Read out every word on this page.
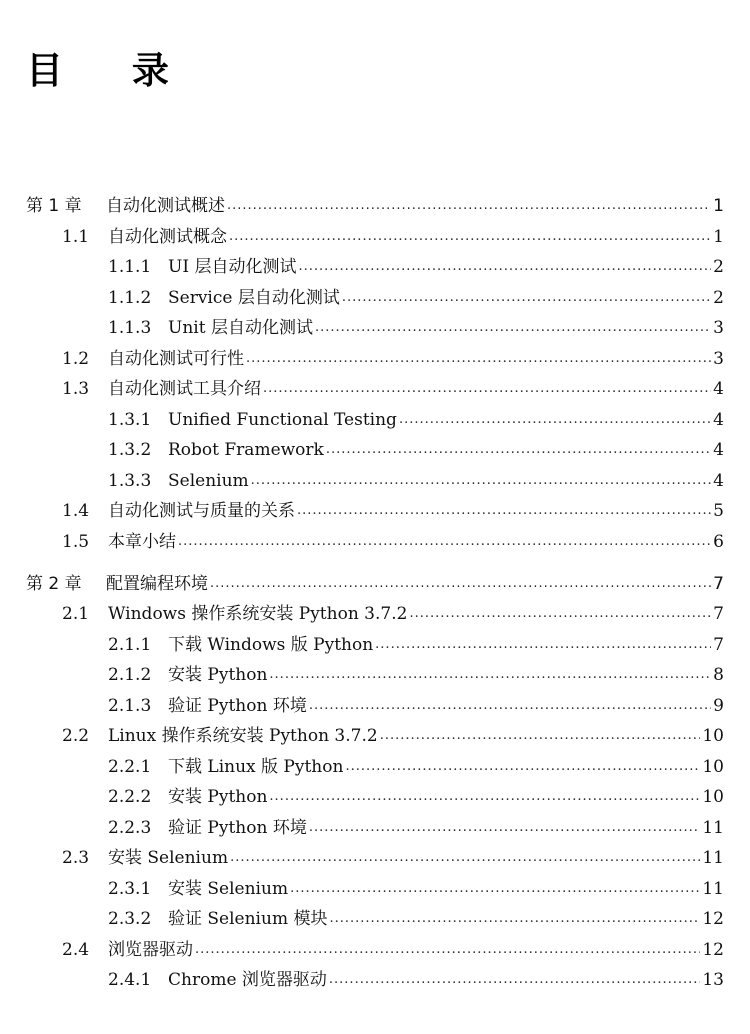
目 录
第 1 章	自动化测试概述 .....	1
1.1	自动化测试概念 .....	1
1.1.1 UI 层自动化测试 .....	2
1.1.2 Service 层自动化测试 .....	2
1.1.3 Unit 层自动化测试 .....	3
1.2	自动化测试可行性 .....	3
1.3	自动化测试工具介绍 .....	4
1.3.1 Unified Functional Testing .....	4
1.3.2 Robot Framework .....	4
1.3.3 Selenium .....	4
1.4	自动化测试与质量的关系 .....	5
1.5	本章小结 .....	6
第 2 章	配置编程环境 .....	7
2.1	Windows 操作系统安装 Python 3.7.2 .....	7
2.1.1 下载 Windows 版 Python .....	7
2.1.2 安装 Python .....	8
2.1.3 验证 Python 环境 .....	9
2.2	Linux 操作系统安装 Python 3.7.2 .....	10
2.2.1 下载 Linux 版 Python .....	10
2.2.2 安装 Python .....	10
2.2.3 验证 Python 环境 .....	11
2.3	安装 Selenium .....	11
2.3.1 安装 Selenium .....	11
2.3.2 验证 Selenium 模块 .....	12
2.4	浏览器驱动 .....	12
2.4.1 Chrome 浏览器驱动 .....	13
